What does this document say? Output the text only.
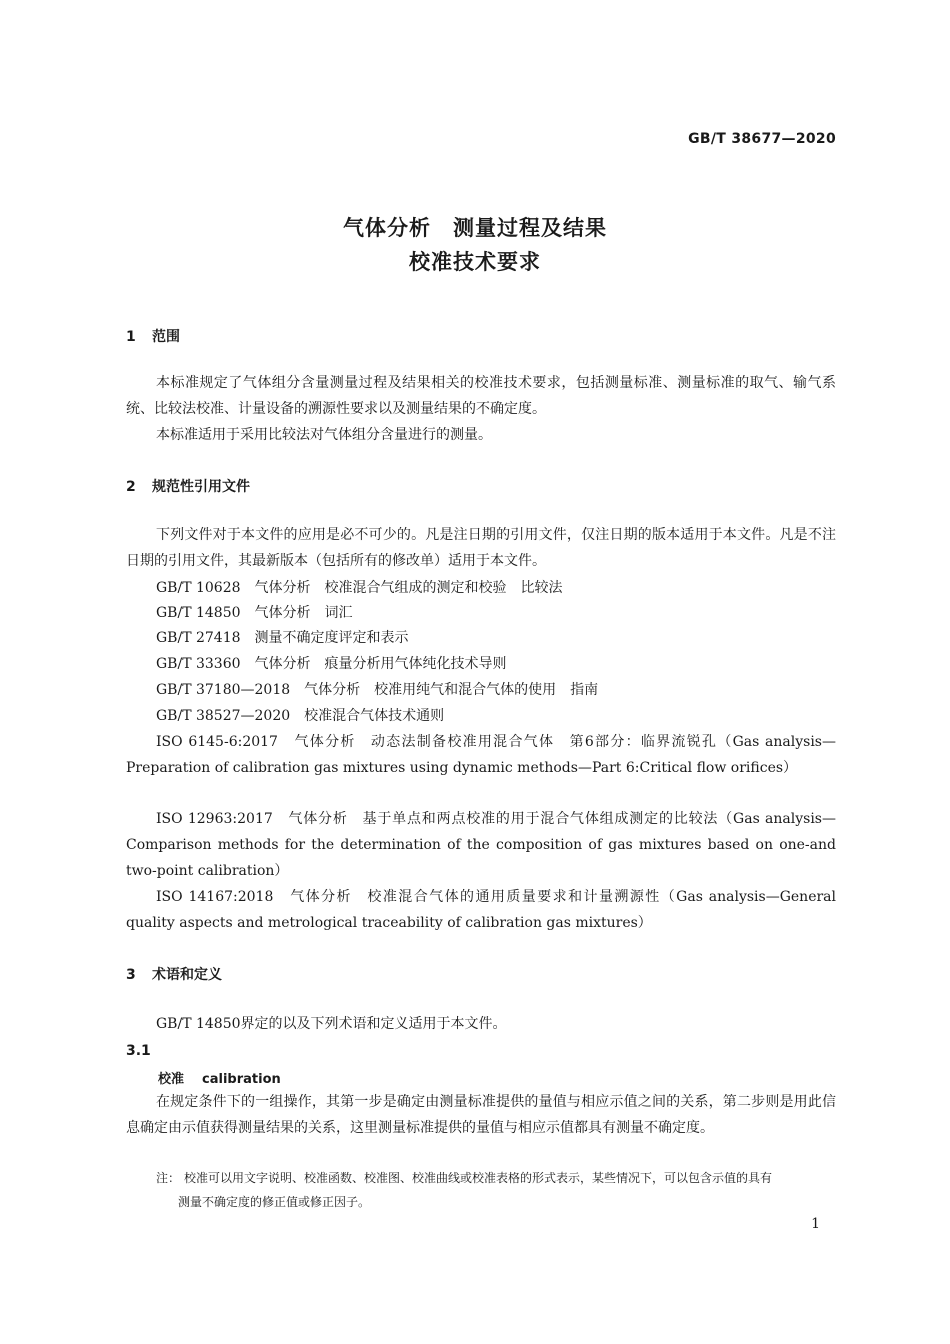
GB/T 38677—2020
气体分析　测量过程及结果
校准技术要求
1 范围
本标准规定了气体组分含量测量过程及结果相关的校准技术要求，包括测量标准、测量标准的取气、输气系统、比较法校准、计量设备的溯源性要求以及测量结果的不确定度。
本标准适用于采用比较法对气体组分含量进行的测量。
2 规范性引用文件
下列文件对于本文件的应用是必不可少的。凡是注日期的引用文件，仅注日期的版本适用于本文件。凡是不注日期的引用文件，其最新版本（包括所有的修改单）适用于本文件。
GB/T 10628　气体分析　校准混合气组成的测定和校验　比较法
GB/T 14850　气体分析　词汇
GB/T 27418　测量不确定度评定和表示
GB/T 33360　气体分析　痕量分析用气体纯化技术导则
GB/T 37180—2018　气体分析　校准用纯气和混合气体的使用　指南
GB/T 38527—2020　校准混合气体技术通则
ISO 6145-6:2017　气体分析　动态法制备校准用混合气体　第6部分：临界流锐孔（Gas analysis—Preparation of calibration gas mixtures using dynamic methods—Part 6:Critical flow orifices）
ISO 12963:2017　气体分析　基于单点和两点校准的用于混合气体组成测定的比较法（Gas analysis—Comparison methods for the determination of the composition of gas mixtures based on one-and two-point calibration）
ISO 14167:2018　气体分析　校准混合气体的通用质量要求和计量溯源性（Gas analysis—General quality aspects and metrological traceability of calibration gas mixtures）
3 术语和定义
GB/T 14850界定的以及下列术语和定义适用于本文件。
3.1
校准 calibration
在规定条件下的一组操作，其第一步是确定由测量标准提供的量值与相应示值之间的关系，第二步则是用此信息确定由示值获得测量结果的关系，这里测量标准提供的量值与相应示值都具有测量不确定度。
注： 校准可以用文字说明、校准函数、校准图、校准曲线或校准表格的形式表示，某些情况下，可以包含示值的具有
测量不确定度的修正值或修正因子。
1
